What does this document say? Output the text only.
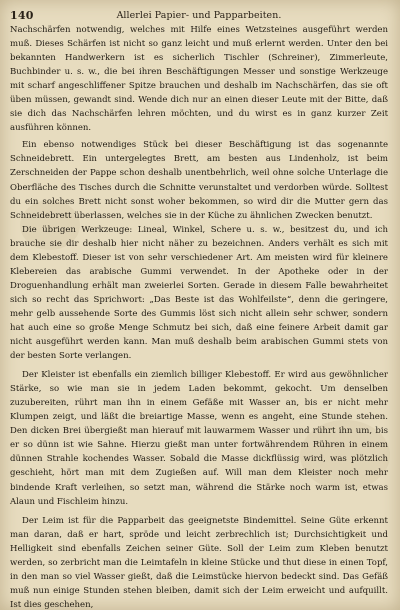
140	Allerlei Papier- und Papparbeiten.

Nachschärfen notwendig, welches mit Hilfe eines Wetzsteines ausgeführt werden muß. Dieses Schärfen ist nicht so ganz leicht und muß erlernt werden. Unter den bei bekannten Handwerkern ist es sicherlich Tischler (Schreiner), Zimmerleute, Buchbinder u. s. w., die bei ihren Beschäftigungen Messer und sonstige Werkzeuge mit scharf angeschliffener Spitze brauchen und deshalb im Nachschärfen, das sie oft üben müssen, gewandt sind. Wende dich nur an einen dieser Leute mit der Bitte, daß sie dich das Nachschärfen lehren möchten, und du wirst es in ganz kurzer Zeit ausführen können.

Ein ebenso notwendiges Stück bei dieser Beschäftigung ist das sogenannte Schneidebrett. Ein untergelegtes Brett, am besten aus Lindenholz, ist beim Zerschneiden der Pappe schon deshalb unentbehrlich, weil ohne solche Unterlage die Oberfläche des Tisches durch die Schnitte verunstaltet und verdorben würde. Solltest du ein solches Brett nicht sonst woher bekommen, so wird dir die Mutter gern das Schneidebrett überlassen, welches sie in der Küche zu ähnlichen Zwecken benutzt.

Die übrigen Werkzeuge: Lineal, Winkel, Schere u. s. w., besitzest du, und ich brauche sie dir deshalb hier nicht näher zu bezeichnen. Anders verhält es sich mit dem Klebestoff. Dieser ist von sehr verschiedener Art. Am meisten wird für kleinere Klebereien das arabische Gummi verwendet. In der Apotheke oder in der Droguenhandlung erhält man zweierlei Sorten. Gerade in diesem Falle bewahrheitet sich so recht das Sprichwort: „Das Beste ist das Wohlfeilste“, denn die geringere, mehr gelb aussehende Sorte des Gummis löst sich nicht allein sehr schwer, sondern hat auch eine so große Menge Schmutz bei sich, daß eine feinere Arbeit damit gar nicht ausgeführt werden kann. Man muß deshalb beim arabischen Gummi stets von der besten Sorte verlangen.

Der Kleister ist ebenfalls ein ziemlich billiger Klebestoff. Er wird aus gewöhnlicher Stärke, so wie man sie in jedem Laden bekommt, gekocht. Um denselben zuzubereiten, rührt man ihn in einem Gefäße mit Wasser an, bis er nicht mehr Klumpen zeigt, und läßt die breiartige Masse, wenn es angeht, eine Stunde stehen. Den dicken Brei übergießt man hierauf mit lauwarmem Wasser und rührt ihn um, bis er so dünn ist wie Sahne. Hierzu gießt man unter fortwährendem Rühren in einem dünnen Strahle kochendes Wasser. Sobald die Masse dickflüssig wird, was plötzlich geschieht, hört man mit dem Zugießen auf. Will man dem Kleister noch mehr bindende Kraft verleihen, so setzt man, während die Stärke noch warm ist, etwas Alaun und Fischleim hinzu.

Der Leim ist für die Papparbeit das geeignetste Bindemittel. Seine Güte erkennt man daran, daß er hart, spröde und leicht zerbrechlich ist; Durchsichtigkeit und Helligkeit sind ebenfalls Zeichen seiner Güte. Soll der Leim zum Kleben benutzt werden, so zerbricht man die Leimtafeln in kleine Stücke und thut diese in einen Topf, in den man so viel Wasser gießt, daß die Leimstücke hiervon bedeckt sind. Das Gefäß muß nun einige Stunden stehen bleiben, damit sich der Leim erweicht und aufquillt. Ist dies geschehen,
